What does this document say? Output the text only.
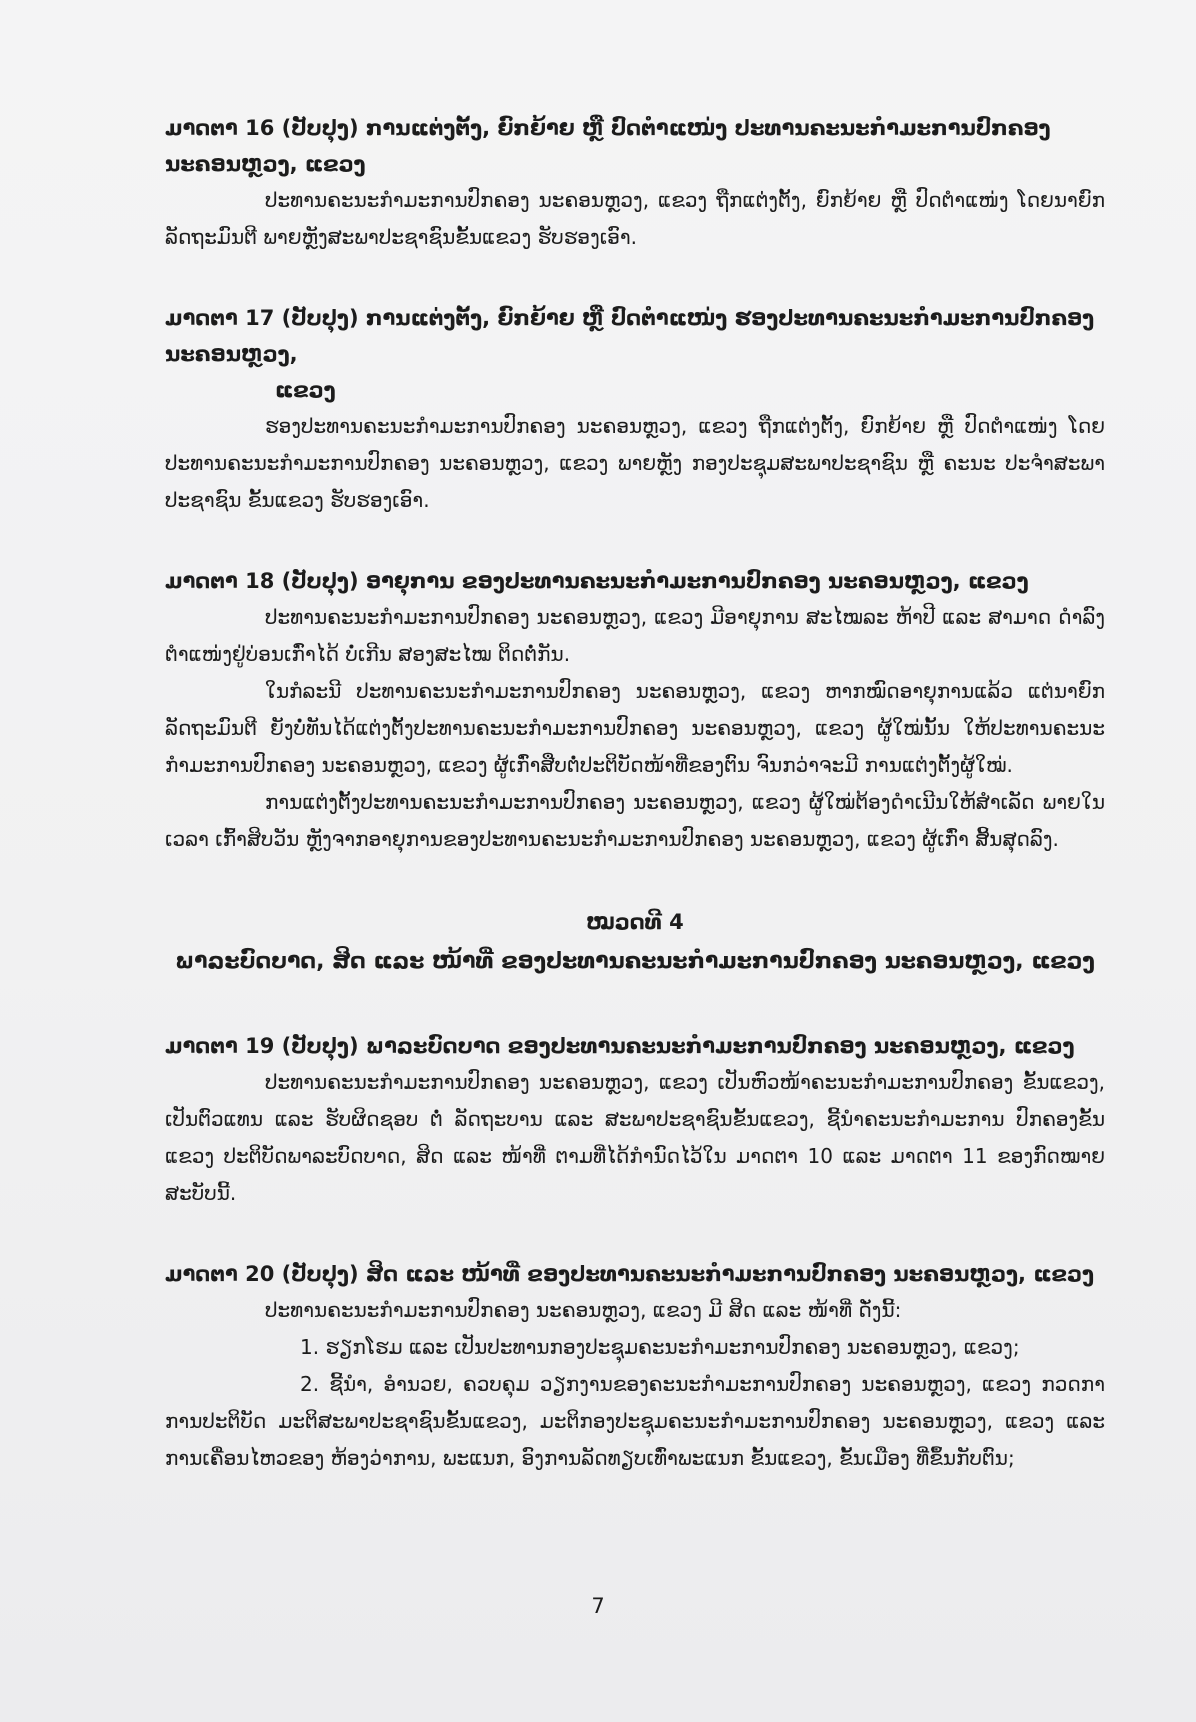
ມາດຕາ 16 (ປັບປຸງ) ການແຕ່ງຕັ້ງ, ຍົກຍ້າຍ ຫຼື ປົດຕຳແໜ່ງ ປະທານຄະນະກຳມະການປົກຄອງ ນະຄອນຫຼວງ, ແຂວງ

ປະທານຄະນະກຳມະການປົກຄອງ ນະຄອນຫຼວງ, ແຂວງ ຖືກແຕ່ງຕັ້ງ, ຍົກຍ້າຍ ຫຼື ປົດຕຳແໜ່ງ ໂດຍນາຍົກລັດຖະມົນຕີ ພາຍຫຼັງສະພາປະຊາຊົນຂັ້ນແຂວງ ຮັບຮອງເອົາ.

ມາດຕາ 17 (ປັບປຸງ) ການແຕ່ງຕັ້ງ, ຍົກຍ້າຍ ຫຼື ປົດຕຳແໜ່ງ ຮອງປະທານຄະນະກຳມະການປົກຄອງ ນະຄອນຫຼວງ,
ແຂວງ

ຮອງປະທານຄະນະກຳມະການປົກຄອງ ນະຄອນຫຼວງ, ແຂວງ ຖືກແຕ່ງຕັ້ງ, ຍົກຍ້າຍ ຫຼື ປົດຕຳແໜ່ງ ໂດຍປະທານຄະນະກຳມະການປົກຄອງ ນະຄອນຫຼວງ, ແຂວງ ພາຍຫຼັງ ກອງປະຊຸມສະພາປະຊາຊົນ ຫຼື ຄະນະ ປະຈຳສະພາປະຊາຊົນ ຂັ້ນແຂວງ ຮັບຮອງເອົາ.

ມາດຕາ 18 (ປັບປຸງ) ອາຍຸການ ຂອງປະທານຄະນະກຳມະການປົກຄອງ ນະຄອນຫຼວງ, ແຂວງ

ປະທານຄະນະກຳມະການປົກຄອງ ນະຄອນຫຼວງ, ແຂວງ ມີອາຍຸການ ສະໄໝລະ ຫ້າປີ ແລະ ສາມາດ ດຳລົງຕຳແໜ່ງຢູ່ບ່ອນເກົ່າໄດ້ ບໍ່ເກີນ ສອງສະໄໝ ຕິດຕໍ່ກັນ.

ໃນກໍລະນີ ປະທານຄະນະກຳມະການປົກຄອງ ນະຄອນຫຼວງ, ແຂວງ ຫາກໝົດອາຍຸການແລ້ວ ແຕ່ນາຍົກລັດຖະມົນຕີ ຍັງບໍ່ທັນໄດ້ແຕ່ງຕັ້ງປະທານຄະນະກຳມະການປົກຄອງ ນະຄອນຫຼວງ, ແຂວງ ຜູ້ໃໝ່ນັ້ນ ໃຫ້ປະທານຄະນະກຳມະການປົກຄອງ ນະຄອນຫຼວງ, ແຂວງ ຜູ້ເກົ່າສືບຕໍ່ປະຕິບັດໜ້າທີ່ຂອງຕົນ ຈົນກວ່າຈະມີ ການແຕ່ງຕັ້ງຜູ້ໃໝ່.

ການແຕ່ງຕັ້ງປະທານຄະນະກຳມະການປົກຄອງ ນະຄອນຫຼວງ, ແຂວງ ຜູ້ໃໝ່ຕ້ອງດຳເນີນໃຫ້ສຳເລັດ ພາຍໃນເວລາ ເກົ້າສິບວັນ ຫຼັງຈາກອາຍຸການຂອງປະທານຄະນະກຳມະການປົກຄອງ ນະຄອນຫຼວງ, ແຂວງ ຜູ້ເກົ່າ ສິ້ນສຸດລົງ.

ໝວດທີ 4
ພາລະບົດບາດ, ສິດ ແລະ ໜ້າທີ່ ຂອງປະທານຄະນະກຳມະການປົກຄອງ ນະຄອນຫຼວງ, ແຂວງ

ມາດຕາ 19 (ປັບປຸງ) ພາລະບົດບາດ ຂອງປະທານຄະນະກຳມະການປົກຄອງ ນະຄອນຫຼວງ, ແຂວງ

ປະທານຄະນະກຳມະການປົກຄອງ ນະຄອນຫຼວງ, ແຂວງ ເປັນຫົວໜ້າຄະນະກຳມະການປົກຄອງ ຂັ້ນແຂວງ, ເປັນຕົວແທນ ແລະ ຮັບຜິດຊອບ ຕໍ່ ລັດຖະບານ ແລະ ສະພາປະຊາຊົນຂັ້ນແຂວງ, ຊີ້ນຳຄະນະກຳມະການ ປົກຄອງຂັ້ນແຂວງ ປະຕິບັດພາລະບົດບາດ, ສິດ ແລະ ໜ້າທີ່ ຕາມທີ່ໄດ້ກຳນົດໄວ້ໃນ ມາດຕາ 10 ແລະ ມາດຕາ 11 ຂອງກົດໝາຍສະບັບນີ້.

ມາດຕາ 20 (ປັບປຸງ) ສິດ ແລະ ໜ້າທີ່ ຂອງປະທານຄະນະກຳມະການປົກຄອງ ນະຄອນຫຼວງ, ແຂວງ

ປະທານຄະນະກຳມະການປົກຄອງ ນະຄອນຫຼວງ, ແຂວງ ມີ ສິດ ແລະ ໜ້າທີ່ ດັ່ງນີ້:

1. ຮຽກໂຮມ ແລະ ເປັນປະທານກອງປະຊຸມຄະນະກຳມະການປົກຄອງ ນະຄອນຫຼວງ, ແຂວງ;

2. ຊີ້ນຳ, ອຳນວຍ, ຄວບຄຸມ ວຽກງານຂອງຄະນະກຳມະການປົກຄອງ ນະຄອນຫຼວງ, ແຂວງ ກວດກາ ການປະຕິບັດ ມະຕິສະພາປະຊາຊົນຂັ້ນແຂວງ, ມະຕິກອງປະຊຸມຄະນະກຳມະການປົກຄອງ ນະຄອນຫຼວງ, ແຂວງ ແລະ ການເຄື່ອນໄຫວຂອງ ຫ້ອງວ່າການ, ພະແນກ, ອົງການລັດທຽບເທົ່າພະແນກ ຂັ້ນແຂວງ, ຂັ້ນເມືອງ ທີ່ຂຶ້ນກັບຕົນ;

7
